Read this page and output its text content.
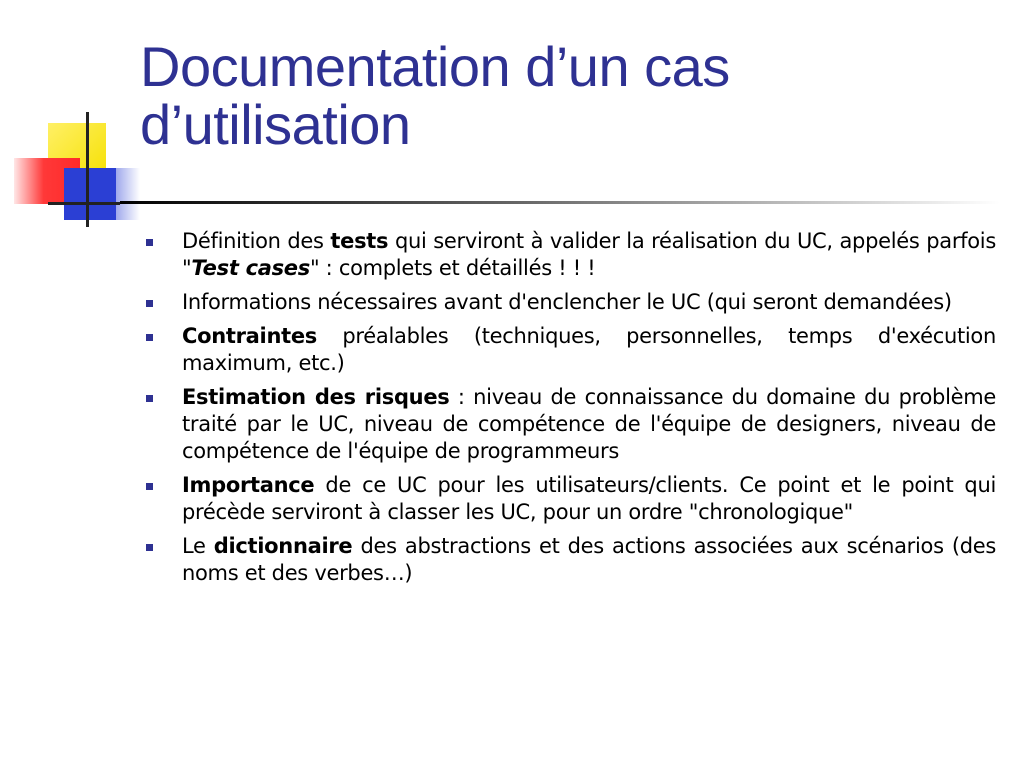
Documentation d’un cas
d’utilisation
Définition des tests qui serviront à valider la réalisation du UC, appelés parfois "Test cases" : complets et détaillés ! ! !
Informations nécessaires avant d'enclencher le UC (qui seront demandées)
Contraintes préalables (techniques, personnelles, temps d'exécution maximum, etc.)
Estimation des risques : niveau de connaissance du domaine du problème traité par le UC, niveau de compétence de l'équipe de designers, niveau de compétence de l'équipe de programmeurs
Importance de ce UC pour les utilisateurs/clients. Ce point et le point qui précède serviront à classer les UC, pour un ordre "chronologique"
Le dictionnaire des abstractions et des actions associées aux scénarios (des noms et des verbes…)
